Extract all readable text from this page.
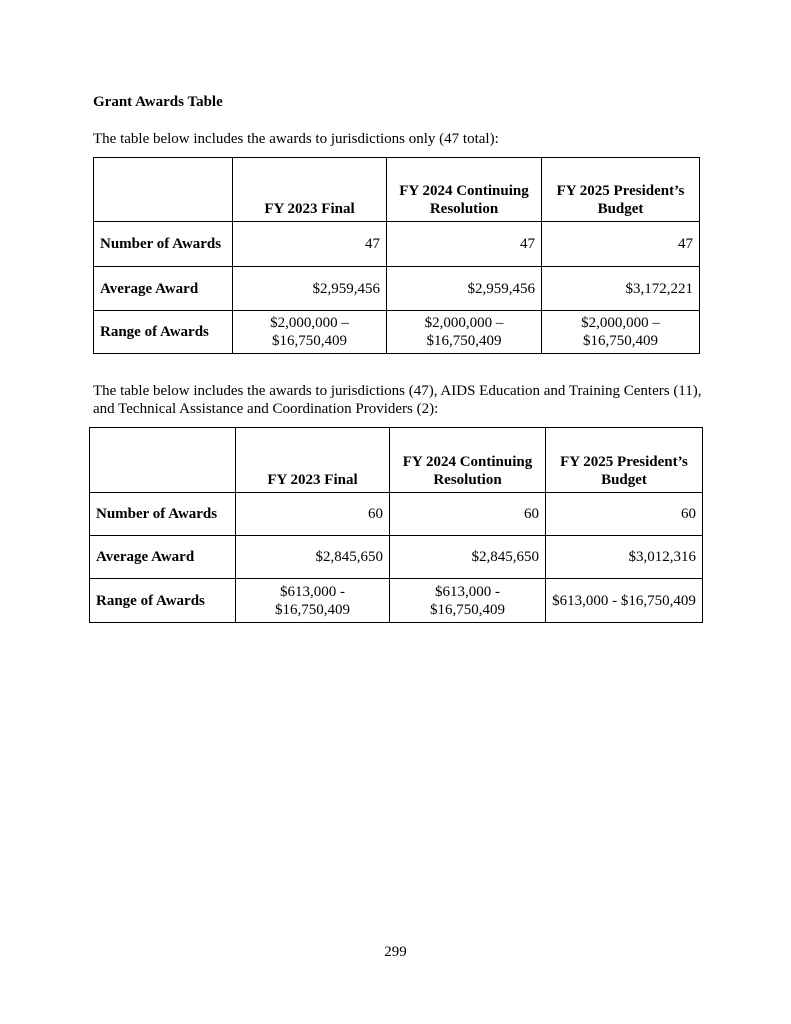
Grant Awards Table
The table below includes the awards to jurisdictions only (47 total):
	FY 2023 Final	FY 2024 Continuing Resolution	FY 2025 President’s Budget
Number of Awards	47	47	47
Average Award	$2,959,456	$2,959,456	$3,172,221
Range of Awards	$2,000,000 – $16,750,409	$2,000,000 – $16,750,409	$2,000,000 – $16,750,409
The table below includes the awards to jurisdictions (47), AIDS Education and Training Centers (11), and Technical Assistance and Coordination Providers (2):
	FY 2023 Final	FY 2024 Continuing Resolution	FY 2025 President’s Budget
Number of Awards	60	60	60
Average Award	$2,845,650	$2,845,650	$3,012,316
Range of Awards	$613,000 - $16,750,409	$613,000 - $16,750,409	$613,000 - $16,750,409
299
